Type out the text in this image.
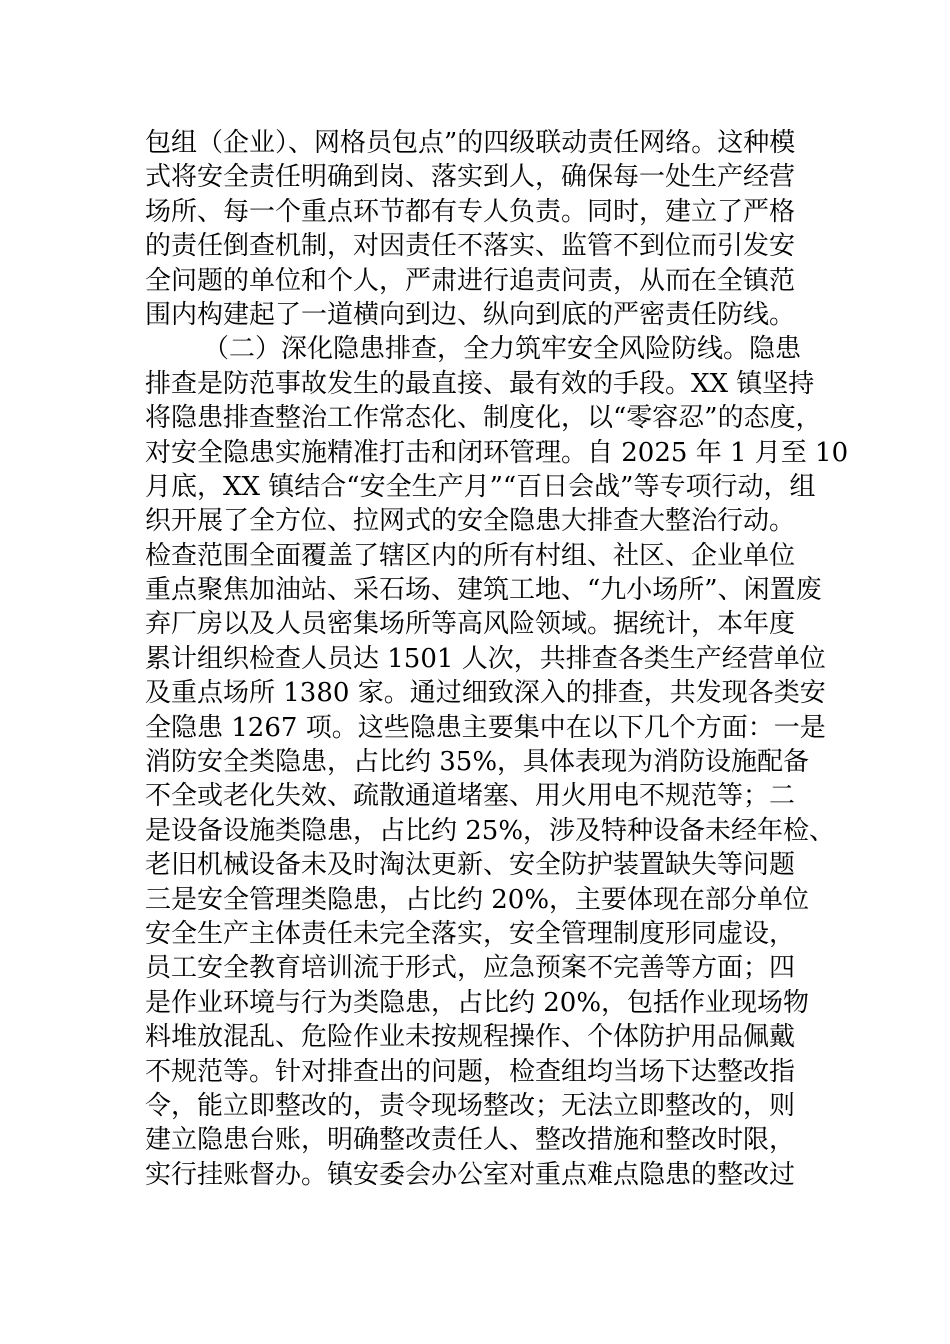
包组（企业）、网格员包点”的四级联动责任网络。这种模
式将安全责任明确到岗、落实到人，确保每一处生产经营
场所、每一个重点环节都有专人负责。同时，建立了严格
的责任倒查机制，对因责任不落实、监管不到位而引发安
全问题的单位和个人，严肃进行追责问责，从而在全镇范
围内构建起了一道横向到边、纵向到底的严密责任防线。
（二）深化隐患排查，全力筑牢安全风险防线。隐患
排查是防范事故发生的最直接、最有效的手段。XX 镇坚持
将隐患排查整治工作常态化、制度化，以“零容忍”的态度，
对安全隐患实施精准打击和闭环管理。自 2025 年 1 月至 10
月底，XX 镇结合“安全生产月”“百日会战”等专项行动，组
织开展了全方位、拉网式的安全隐患大排查大整治行动。
检查范围全面覆盖了辖区内的所有村组、社区、企业单位
重点聚焦加油站、采石场、建筑工地、“九小场所”、闲置废
弃厂房以及人员密集场所等高风险领域。据统计，本年度
累计组织检查人员达 1501 人次，共排查各类生产经营单位
及重点场所 1380 家。通过细致深入的排查，共发现各类安
全隐患 1267 项。这些隐患主要集中在以下几个方面：一是
消防安全类隐患，占比约 35%，具体表现为消防设施配备
不全或老化失效、疏散通道堵塞、用火用电不规范等；二
是设备设施类隐患，占比约 25%，涉及特种设备未经年检、
老旧机械设备未及时淘汰更新、安全防护装置缺失等问题
三是安全管理类隐患，占比约 20%，主要体现在部分单位
安全生产主体责任未完全落实，安全管理制度形同虚设，
员工安全教育培训流于形式，应急预案不完善等方面；四
是作业环境与行为类隐患，占比约 20%，包括作业现场物
料堆放混乱、危险作业未按规程操作、个体防护用品佩戴
不规范等。针对排查出的问题，检查组均当场下达整改指
令，能立即整改的，责令现场整改；无法立即整改的，则
建立隐患台账，明确整改责任人、整改措施和整改时限，
实行挂账督办。镇安委会办公室对重点难点隐患的整改过
